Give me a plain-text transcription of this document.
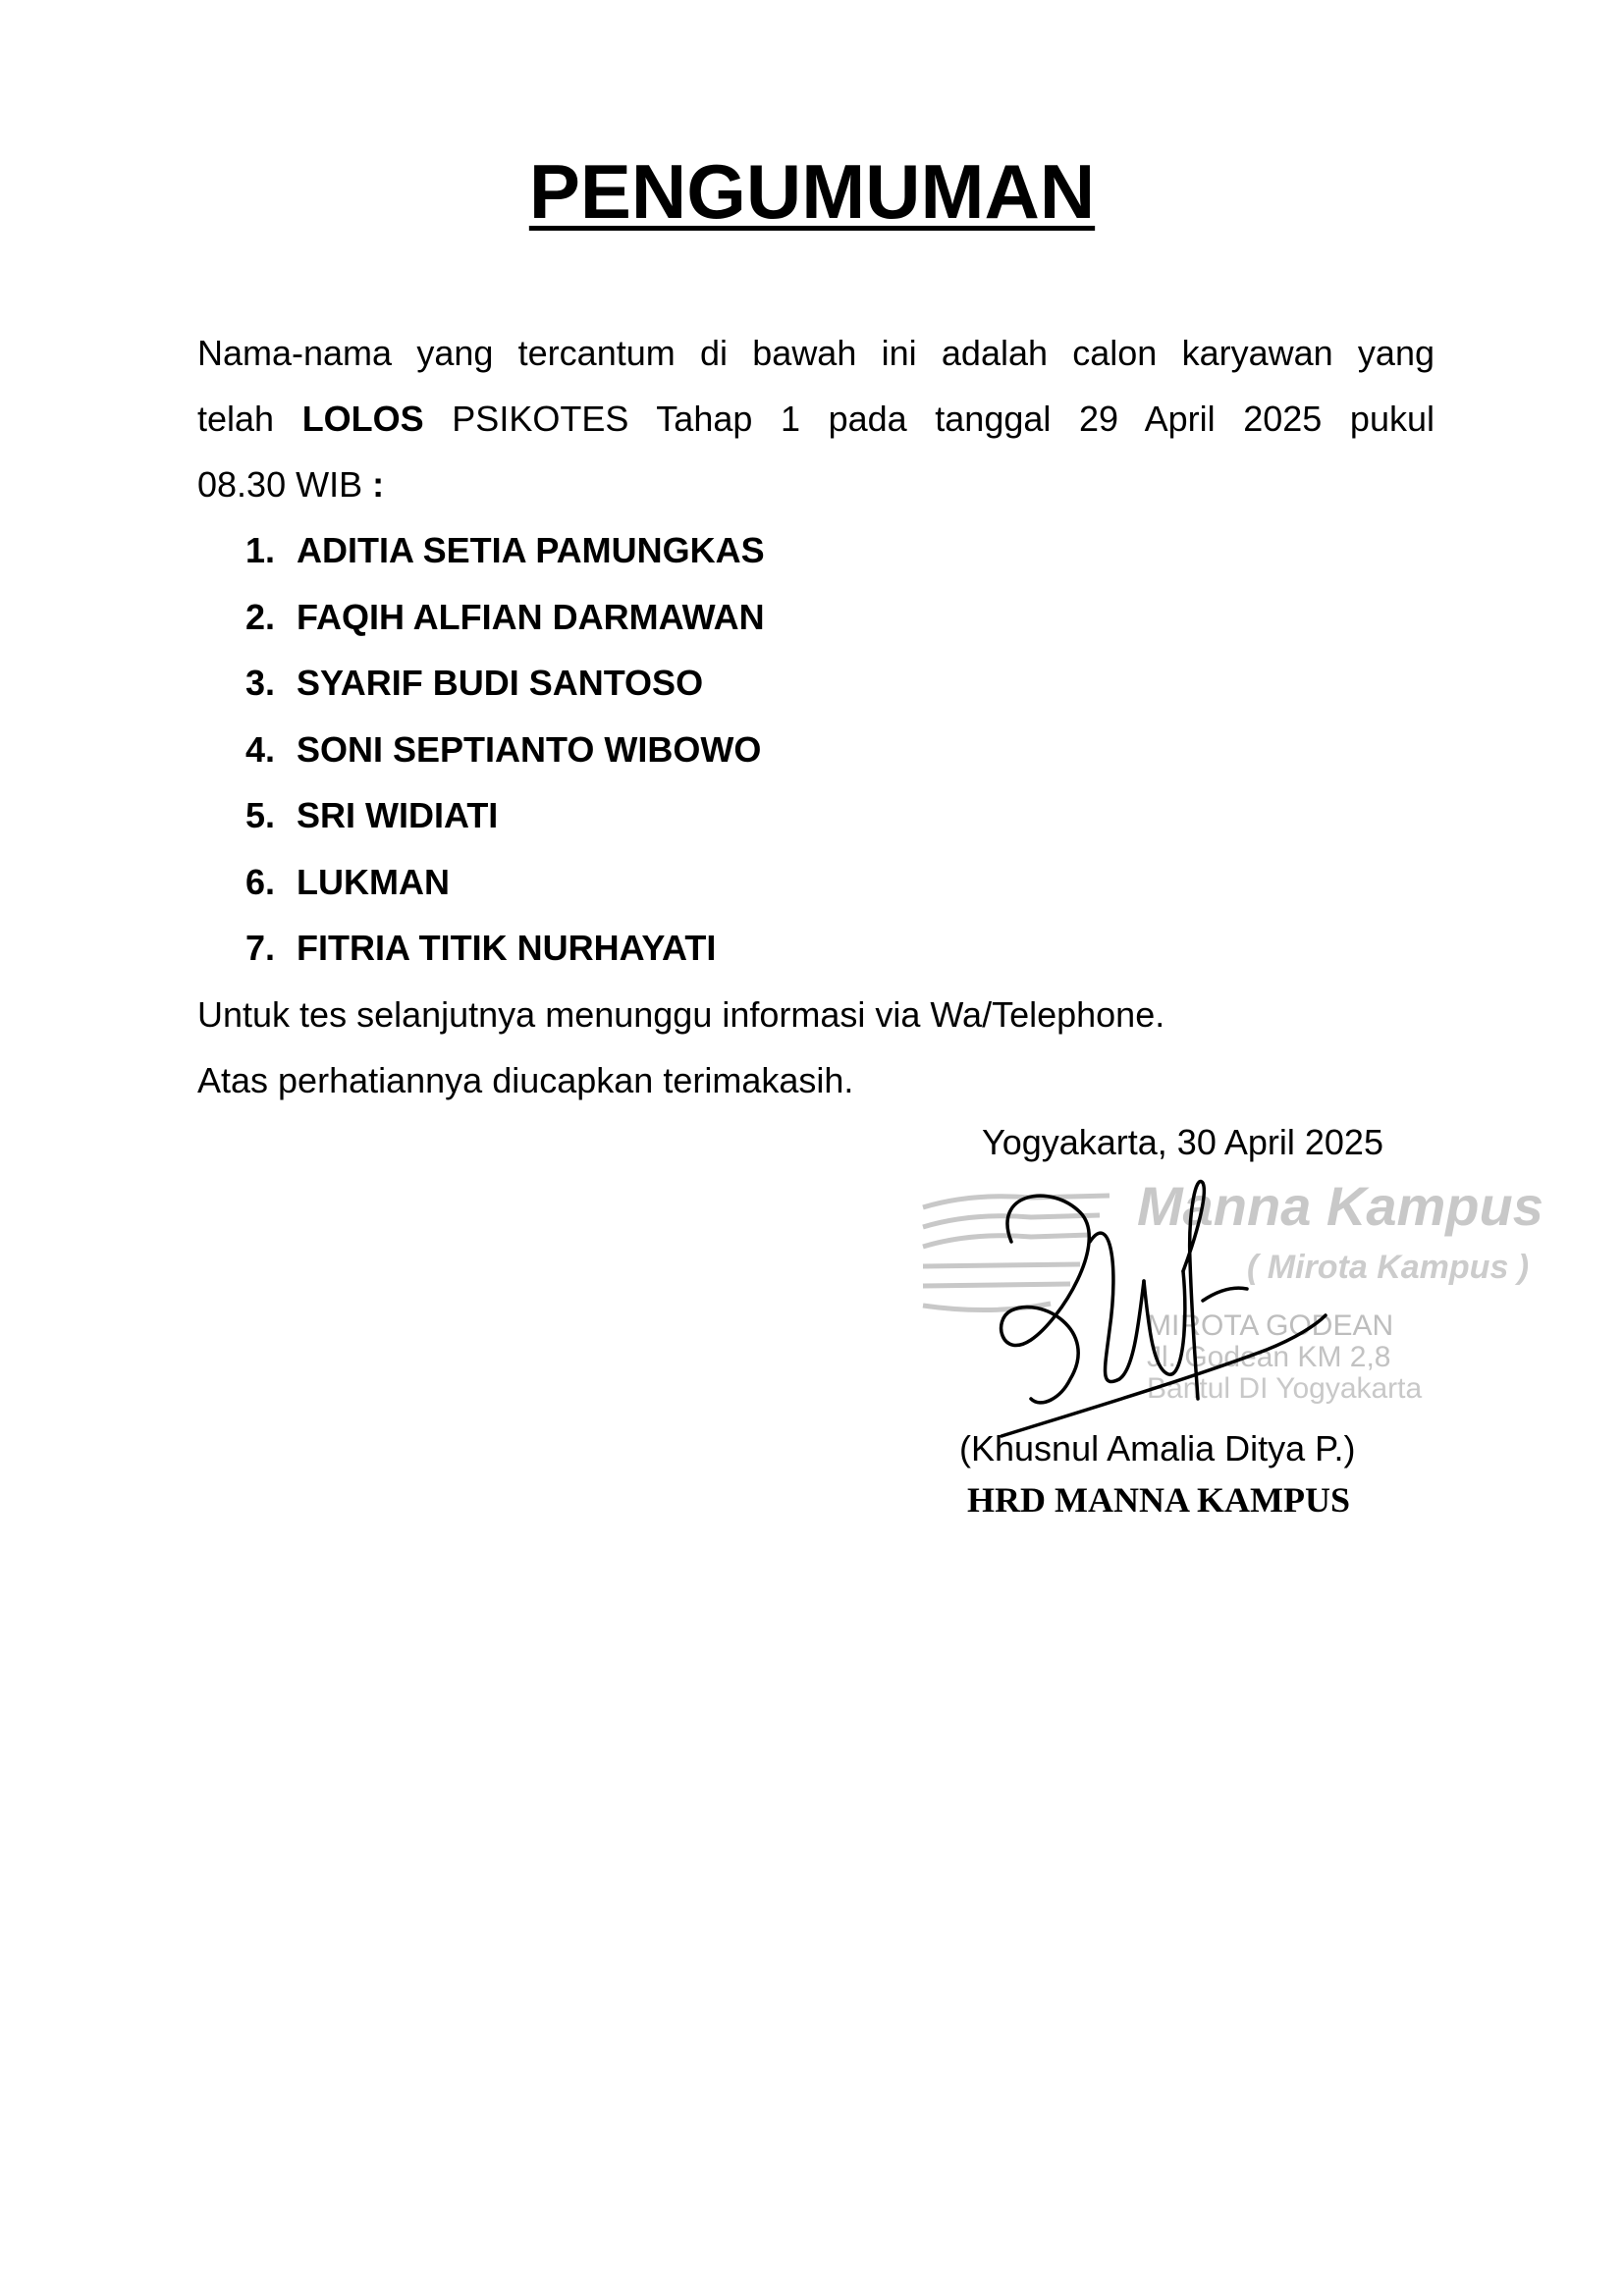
PENGUMUMAN
Nama-nama yang tercantum di bawah ini adalah calon karyawan yang
telah LOLOS PSIKOTES Tahap 1 pada tanggal 29 April 2025 pukul
08.30 WIB :
1. ADITIA SETIA PAMUNGKAS
2. FAQIH ALFIAN DARMAWAN
3. SYARIF BUDI SANTOSO
4. SONI SEPTIANTO WIBOWO
5. SRI WIDIATI
6. LUKMAN
7. FITRIA TITIK NURHAYATI
Untuk tes selanjutnya menunggu informasi via Wa/Telephone.
Atas perhatiannya diucapkan terimakasih.
Yogyakarta, 30 April 2025
Manna Kampus
( Mirota Kampus )
MIROTA GODEAN
Jl. Godean KM 2,8
Bantul DI Yogyakarta
(Khusnul Amalia Ditya P.)
HRD MANNA KAMPUS
